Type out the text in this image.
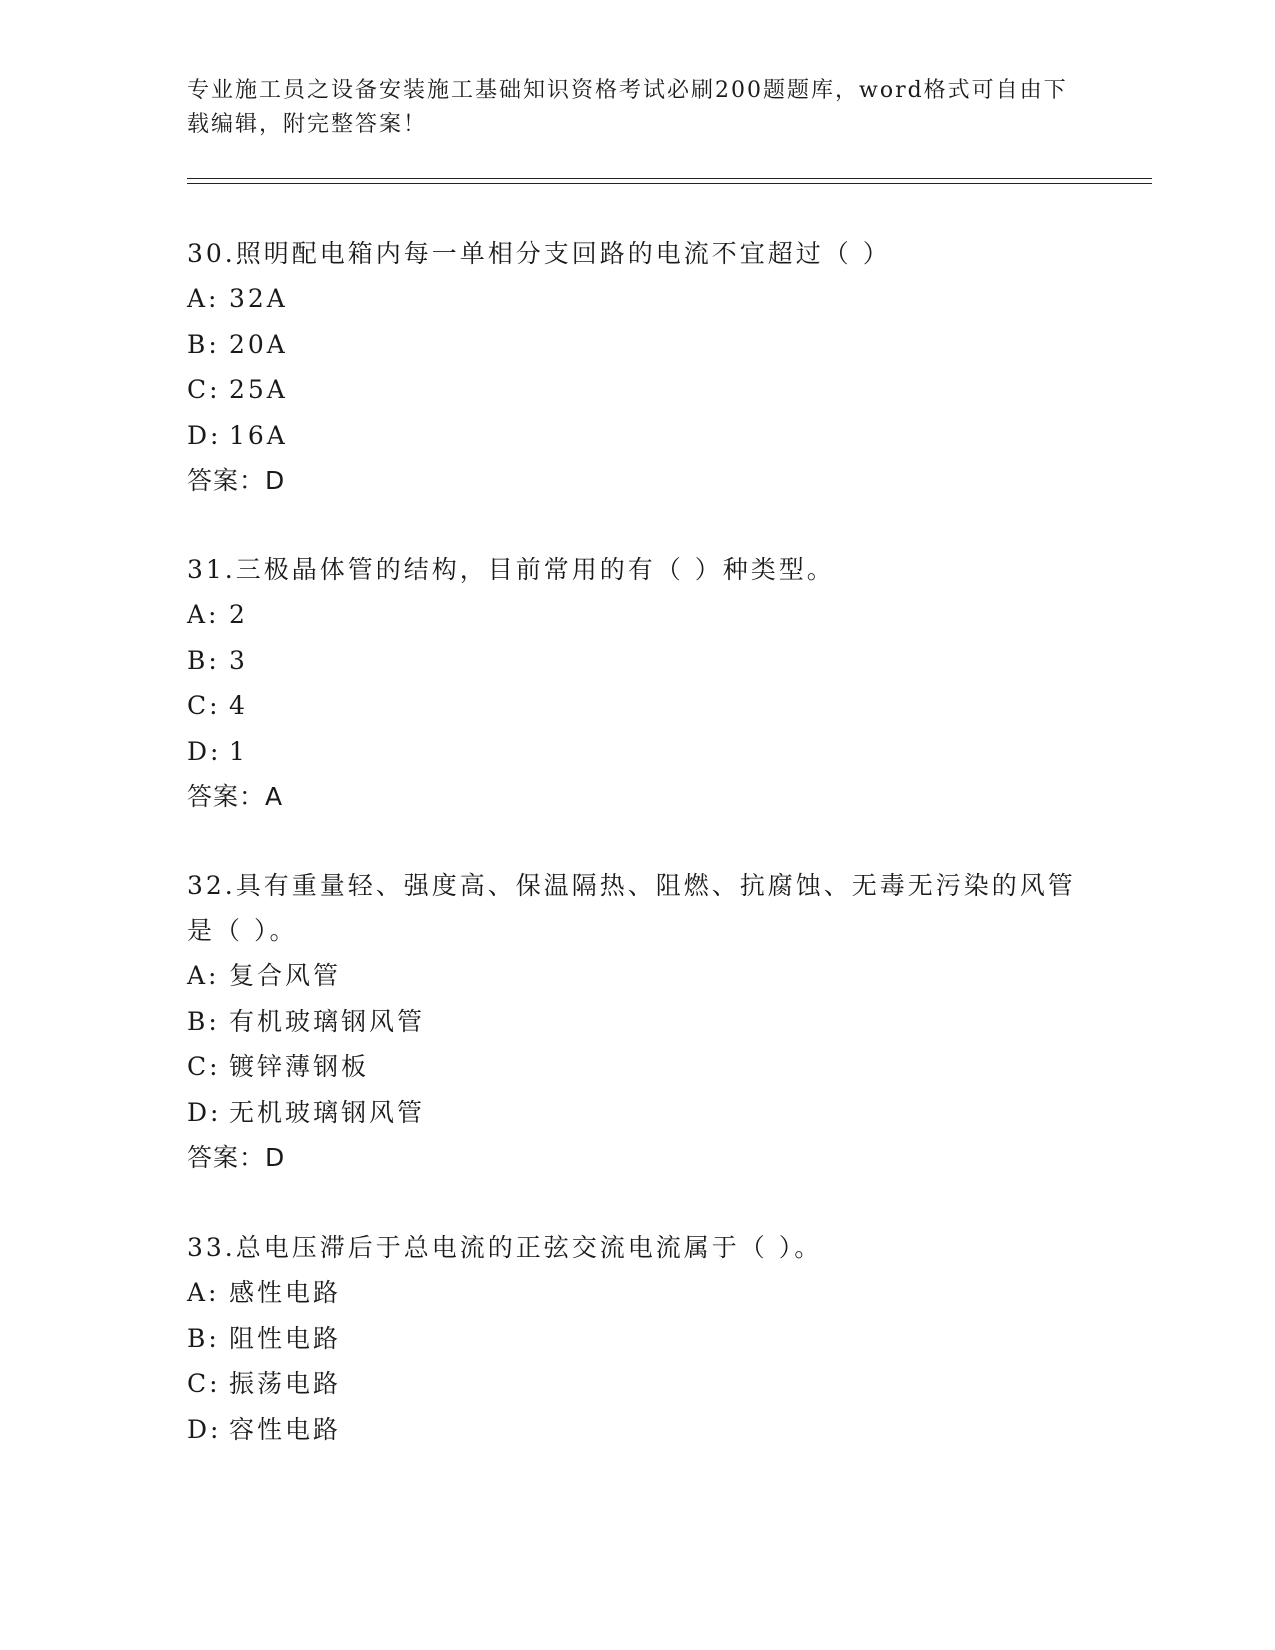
专业施工员之设备安装施工基础知识资格考试必刷200题题库，word格式可自由下载编辑，附完整答案！

30.照明配电箱内每一单相分支回路的电流不宜超过（ ）

A: 32A

B: 20A

C: 25A

D: 16A

答案：D

31.三极晶体管的结构，目前常用的有（ ）种类型。

A: 2

B: 3

C: 4

D: 1

答案：A

32.具有重量轻、强度高、保温隔热、阻燃、抗腐蚀、无毒无污染的风管是（ ）。

A: 复合风管

B: 有机玻璃钢风管

C: 镀锌薄钢板

D: 无机玻璃钢风管

答案：D

33.总电压滞后于总电流的正弦交流电流属于（ ）。

A: 感性电路

B: 阻性电路

C: 振荡电路

D: 容性电路
